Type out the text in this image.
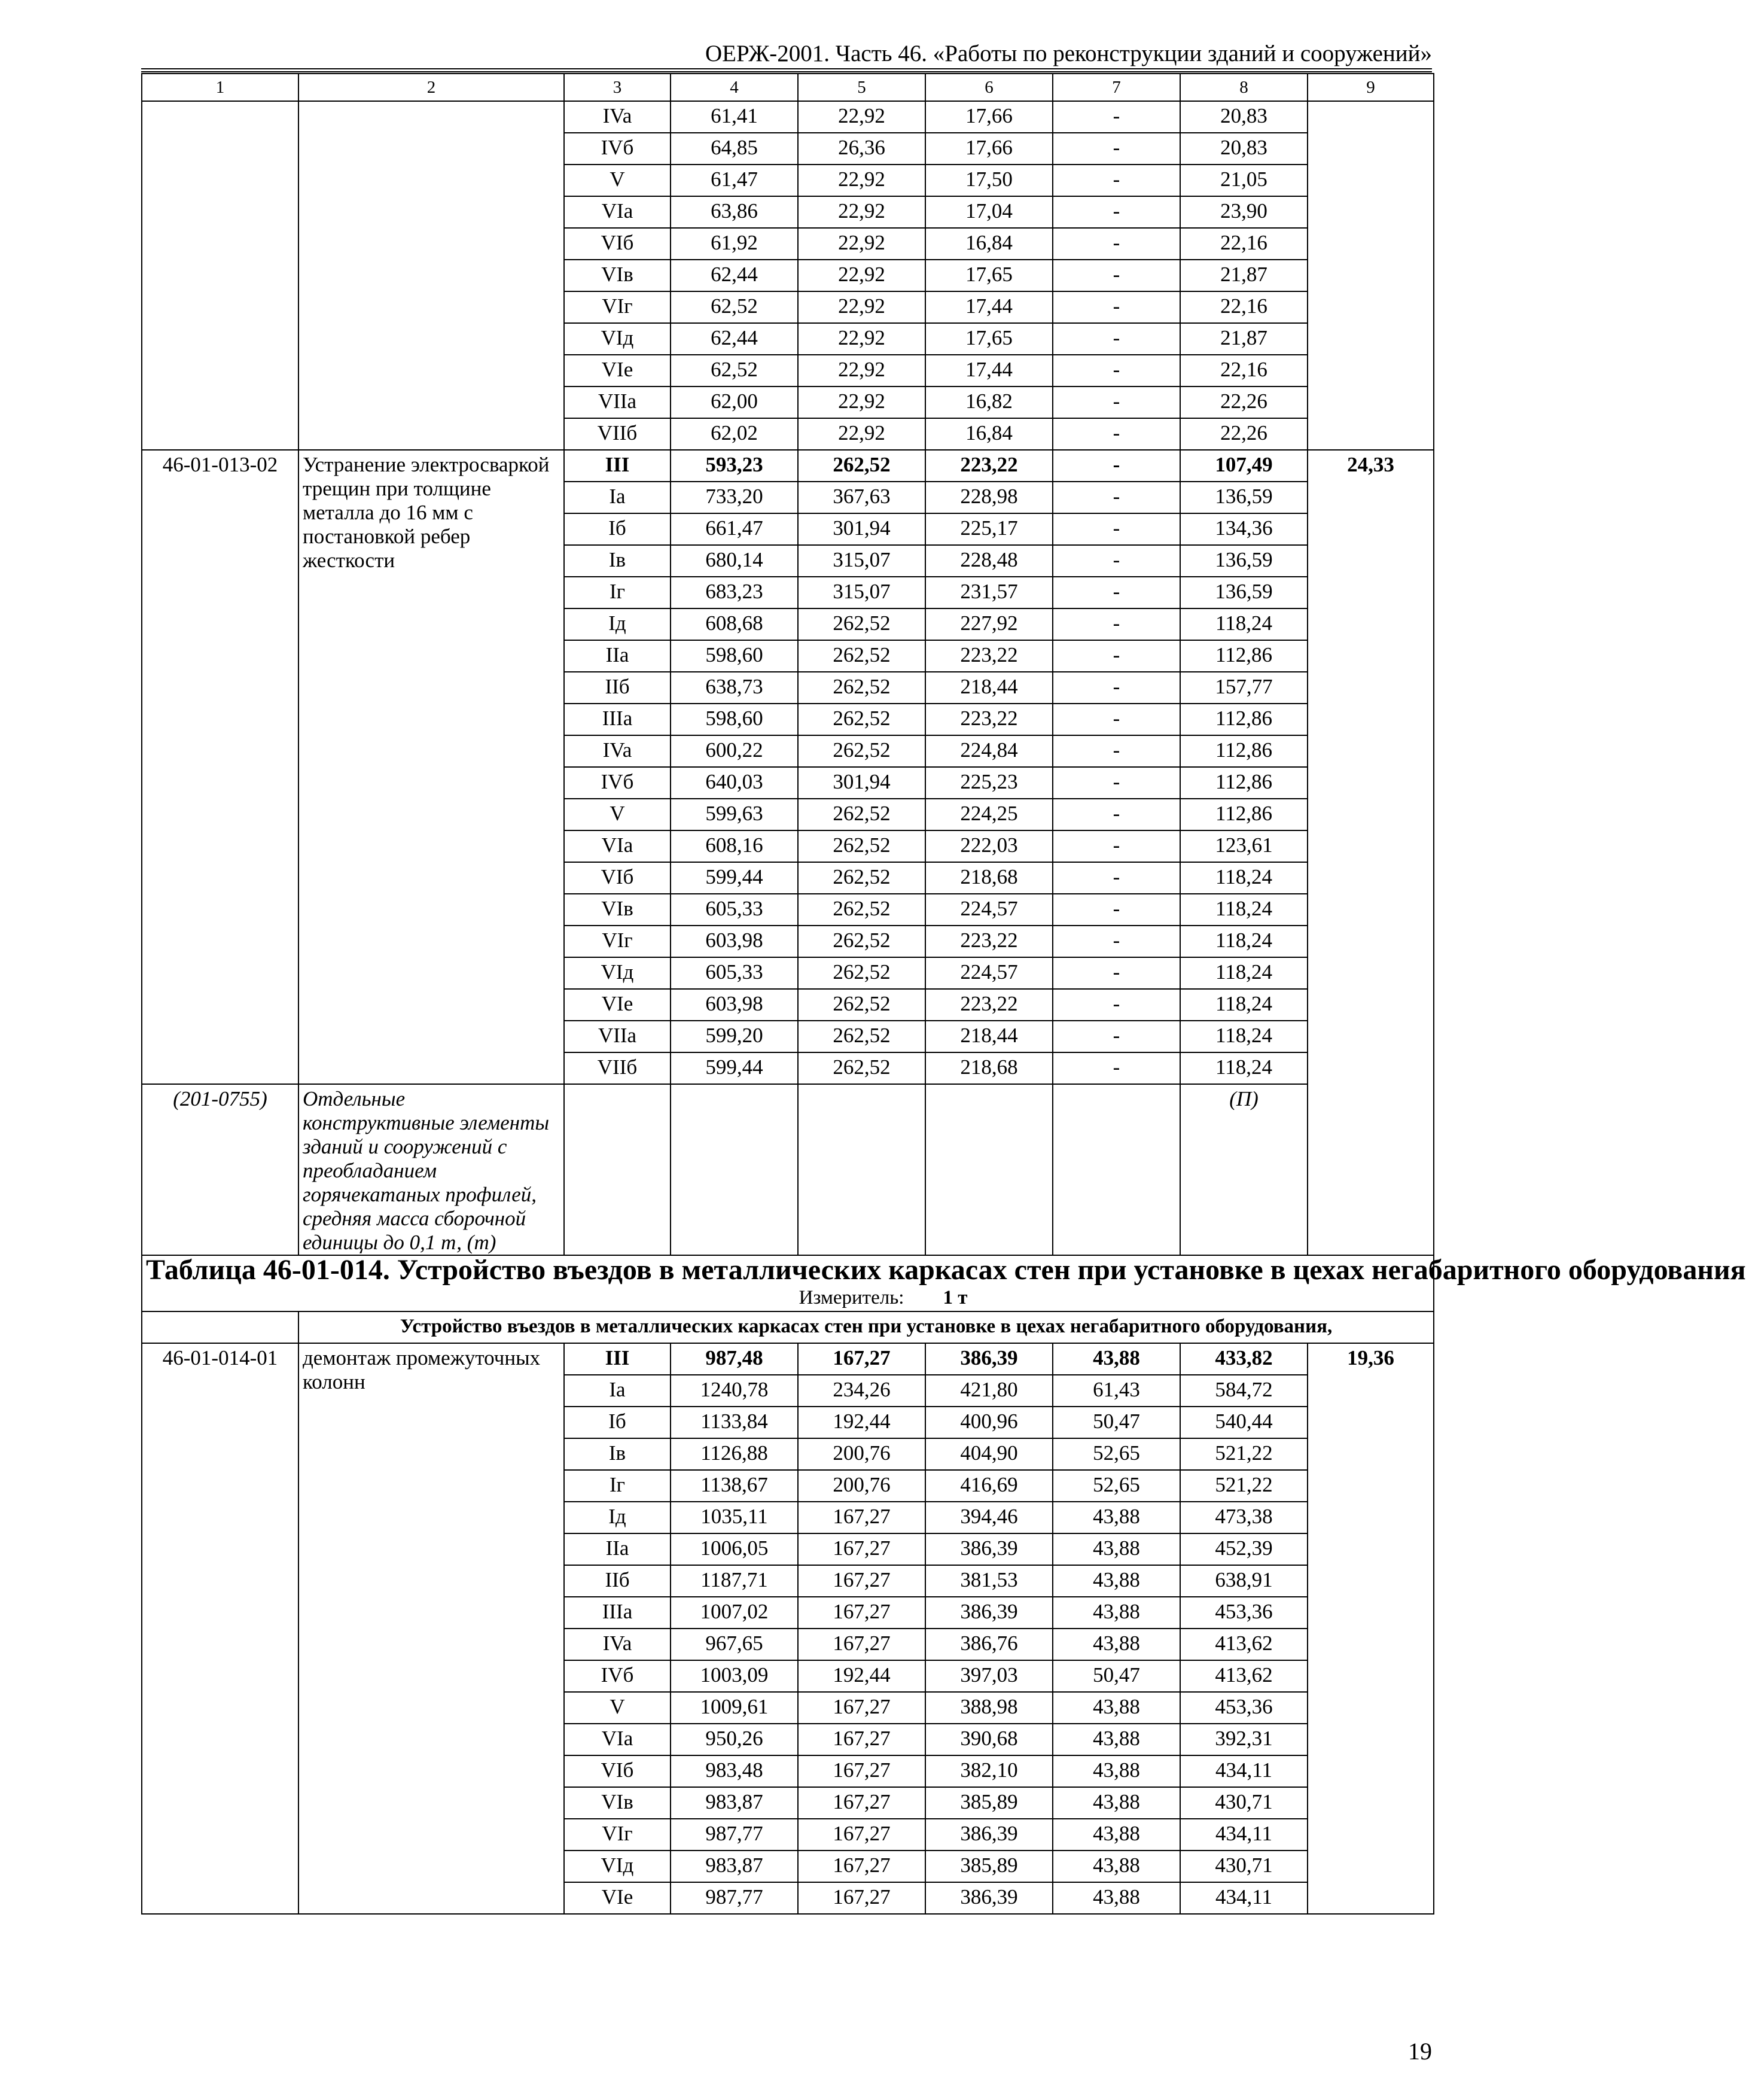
ОЕРЖ-2001. Часть 46. «Работы по реконструкции зданий и сооружений»
1	2	3	4	5	6	7	8	9
		IVa	61,41	22,92	17,66	-	20,83	
		IVб	64,85	26,36	17,66	-	20,83	
		V	61,47	22,92	17,50	-	21,05	
		VIa	63,86	22,92	17,04	-	23,90	
		VIб	61,92	22,92	16,84	-	22,16	
		VIв	62,44	22,92	17,65	-	21,87	
		VIг	62,52	22,92	17,44	-	22,16	
		VIд	62,44	22,92	17,65	-	21,87	
		VIe	62,52	22,92	17,44	-	22,16	
		VIIa	62,00	22,92	16,82	-	22,26	
		VIIб	62,02	22,92	16,84	-	22,26	
46-01-013-02	Устранение электросваркой трещин при толщине металла до 16 мм с постановкой ребер жесткости	III	593,23	262,52	223,22	-	107,49	24,33
		Ia	733,20	367,63	228,98	-	136,59	
		Iб	661,47	301,94	225,17	-	134,36	
		Iв	680,14	315,07	228,48	-	136,59	
		Iг	683,23	315,07	231,57	-	136,59	
		Iд	608,68	262,52	227,92	-	118,24	
		IIa	598,60	262,52	223,22	-	112,86	
		IIб	638,73	262,52	218,44	-	157,77	
		IIIa	598,60	262,52	223,22	-	112,86	
		IVa	600,22	262,52	224,84	-	112,86	
		IVб	640,03	301,94	225,23	-	112,86	
		V	599,63	262,52	224,25	-	112,86	
		VIa	608,16	262,52	222,03	-	123,61	
		VIб	599,44	262,52	218,68	-	118,24	
		VIв	605,33	262,52	224,57	-	118,24	
		VIг	603,98	262,52	223,22	-	118,24	
		VIд	605,33	262,52	224,57	-	118,24	
		VIe	603,98	262,52	223,22	-	118,24	
		VIIa	599,20	262,52	218,44	-	118,24	
		VIIб	599,44	262,52	218,68	-	118,24	
(201-0755)	Отдельные конструктивные элементы зданий и сооружений с преобладанием горячекатаных профилей, средняя масса сборочной единицы до 0,1 т, (т)						(П)	
Таблица 46-01-014. Устройство въездов в металлических каркасах стен при установке в цехах негабаритного оборудования								
Измеритель: 1 т								
	Устройство въездов в металлических каркасах стен при установке в цехах негабаритного оборудования,							
46-01-014-01	демонтаж промежуточных колонн	III	987,48	167,27	386,39	43,88	433,82	19,36
		Ia	1240,78	234,26	421,80	61,43	584,72	
		Iб	1133,84	192,44	400,96	50,47	540,44	
		Iв	1126,88	200,76	404,90	52,65	521,22	
		Iг	1138,67	200,76	416,69	52,65	521,22	
		Iд	1035,11	167,27	394,46	43,88	473,38	
		IIa	1006,05	167,27	386,39	43,88	452,39	
		IIб	1187,71	167,27	381,53	43,88	638,91	
		IIIa	1007,02	167,27	386,39	43,88	453,36	
		IVa	967,65	167,27	386,76	43,88	413,62	
		IVб	1003,09	192,44	397,03	50,47	413,62	
		V	1009,61	167,27	388,98	43,88	453,36	
		VIa	950,26	167,27	390,68	43,88	392,31	
		VIб	983,48	167,27	382,10	43,88	434,11	
		VIв	983,87	167,27	385,89	43,88	430,71	
		VIг	987,77	167,27	386,39	43,88	434,11	
		VIд	983,87	167,27	385,89	43,88	430,71	
		VIe	987,77	167,27	386,39	43,88	434,11	
19
